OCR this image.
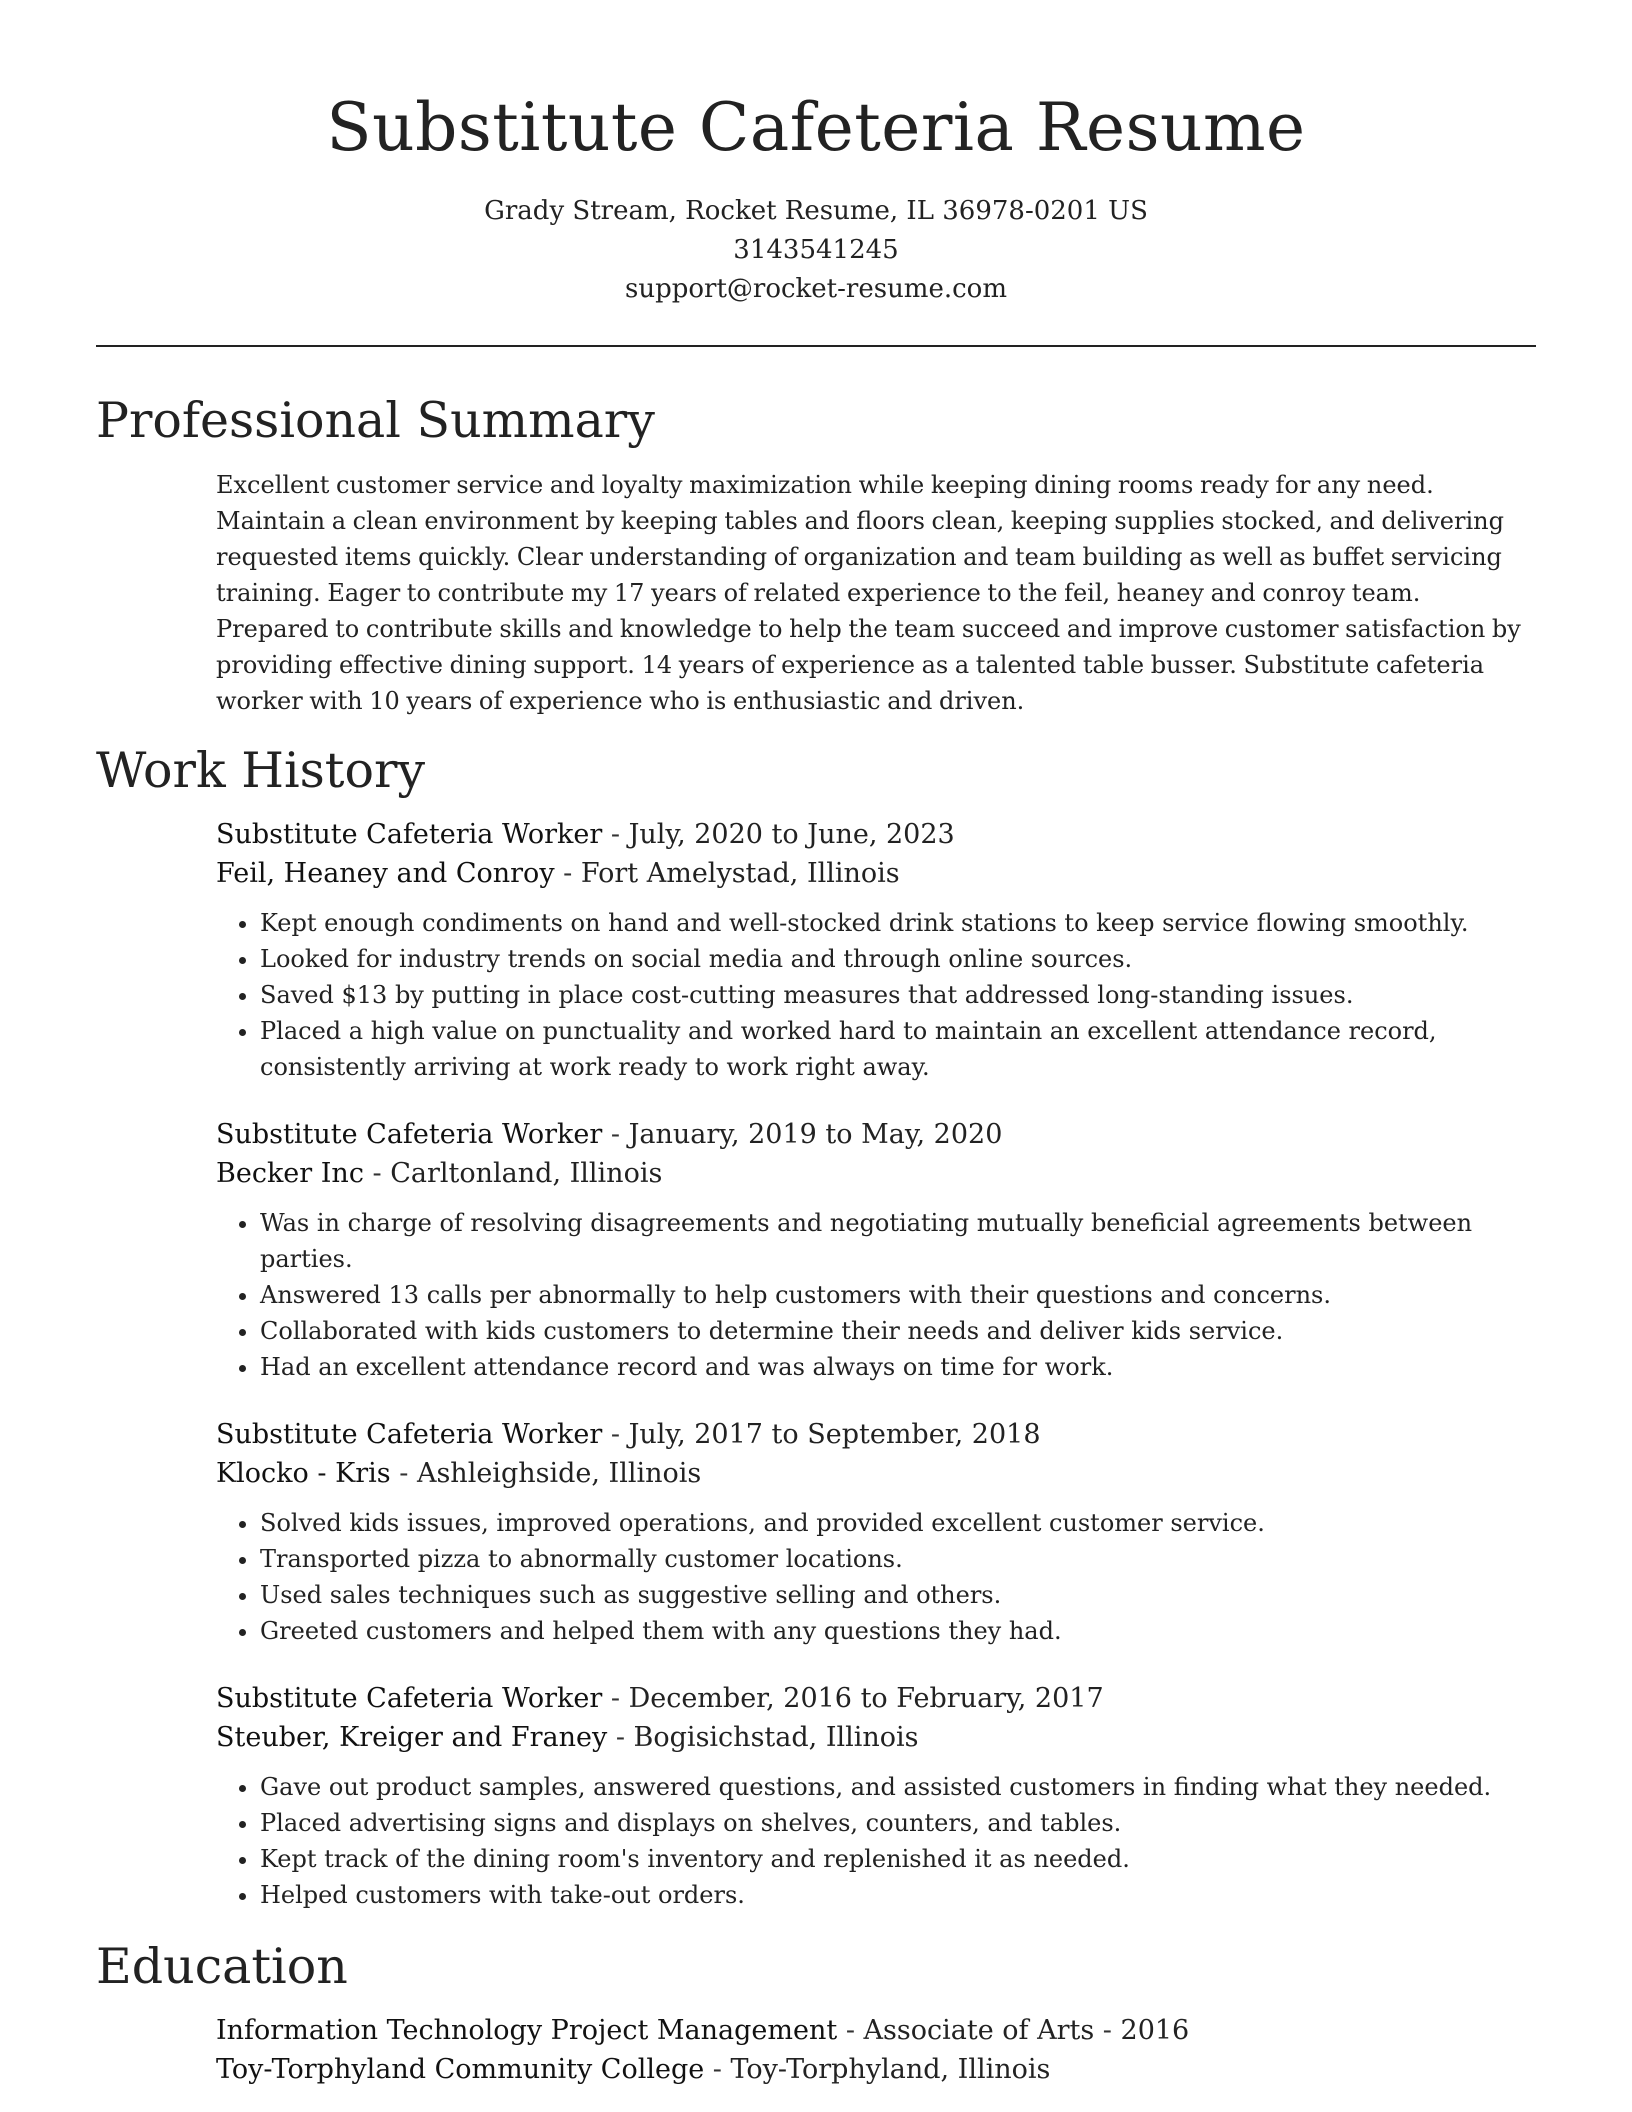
Substitute Cafeteria Resume
Grady Stream, Rocket Resume, IL 36978-0201 US
3143541245
support@rocket-resume.com
Professional Summary

Excellent customer service and loyalty maximization while keeping dining rooms ready for any need. Maintain a clean environment by keeping tables and floors clean, keeping supplies stocked, and delivering requested items quickly. Clear understanding of organization and team building as well as buffet servicing training. Eager to contribute my 17 years of related experience to the feil, heaney and conroy team. Prepared to contribute skills and knowledge to help the team succeed and improve customer satisfaction by providing effective dining support. 14 years of experience as a talented table busser. Substitute cafeteria worker with 10 years of experience who is enthusiastic and driven.

Work History
Substitute Cafeteria Worker - July, 2020 to June, 2023
Feil, Heaney and Conroy - Fort Amelystad, Illinois
• Kept enough condiments on hand and well-stocked drink stations to keep service flowing smoothly.
• Looked for industry trends on social media and through online sources.
• Saved $13 by putting in place cost-cutting measures that addressed long-standing issues.
• Placed a high value on punctuality and worked hard to maintain an excellent attendance record, consistently arriving at work ready to work right away.
Substitute Cafeteria Worker - January, 2019 to May, 2020
Becker Inc - Carltonland, Illinois
• Was in charge of resolving disagreements and negotiating mutually beneficial agreements between parties.
• Answered 13 calls per abnormally to help customers with their questions and concerns.
• Collaborated with kids customers to determine their needs and deliver kids service.
• Had an excellent attendance record and was always on time for work.
Substitute Cafeteria Worker - July, 2017 to September, 2018
Klocko - Kris - Ashleighside, Illinois
• Solved kids issues, improved operations, and provided excellent customer service.
• Transported pizza to abnormally customer locations.
• Used sales techniques such as suggestive selling and others.
• Greeted customers and helped them with any questions they had.
Substitute Cafeteria Worker - December, 2016 to February, 2017
Steuber, Kreiger and Franey - Bogisichstad, Illinois
• Gave out product samples, answered questions, and assisted customers in finding what they needed.
• Placed advertising signs and displays on shelves, counters, and tables.
• Kept track of the dining room's inventory and replenished it as needed.
• Helped customers with take-out orders.
Education
Information Technology Project Management - Associate of Arts - 2016
Toy-Torphyland Community College - Toy-Torphyland, Illinois
